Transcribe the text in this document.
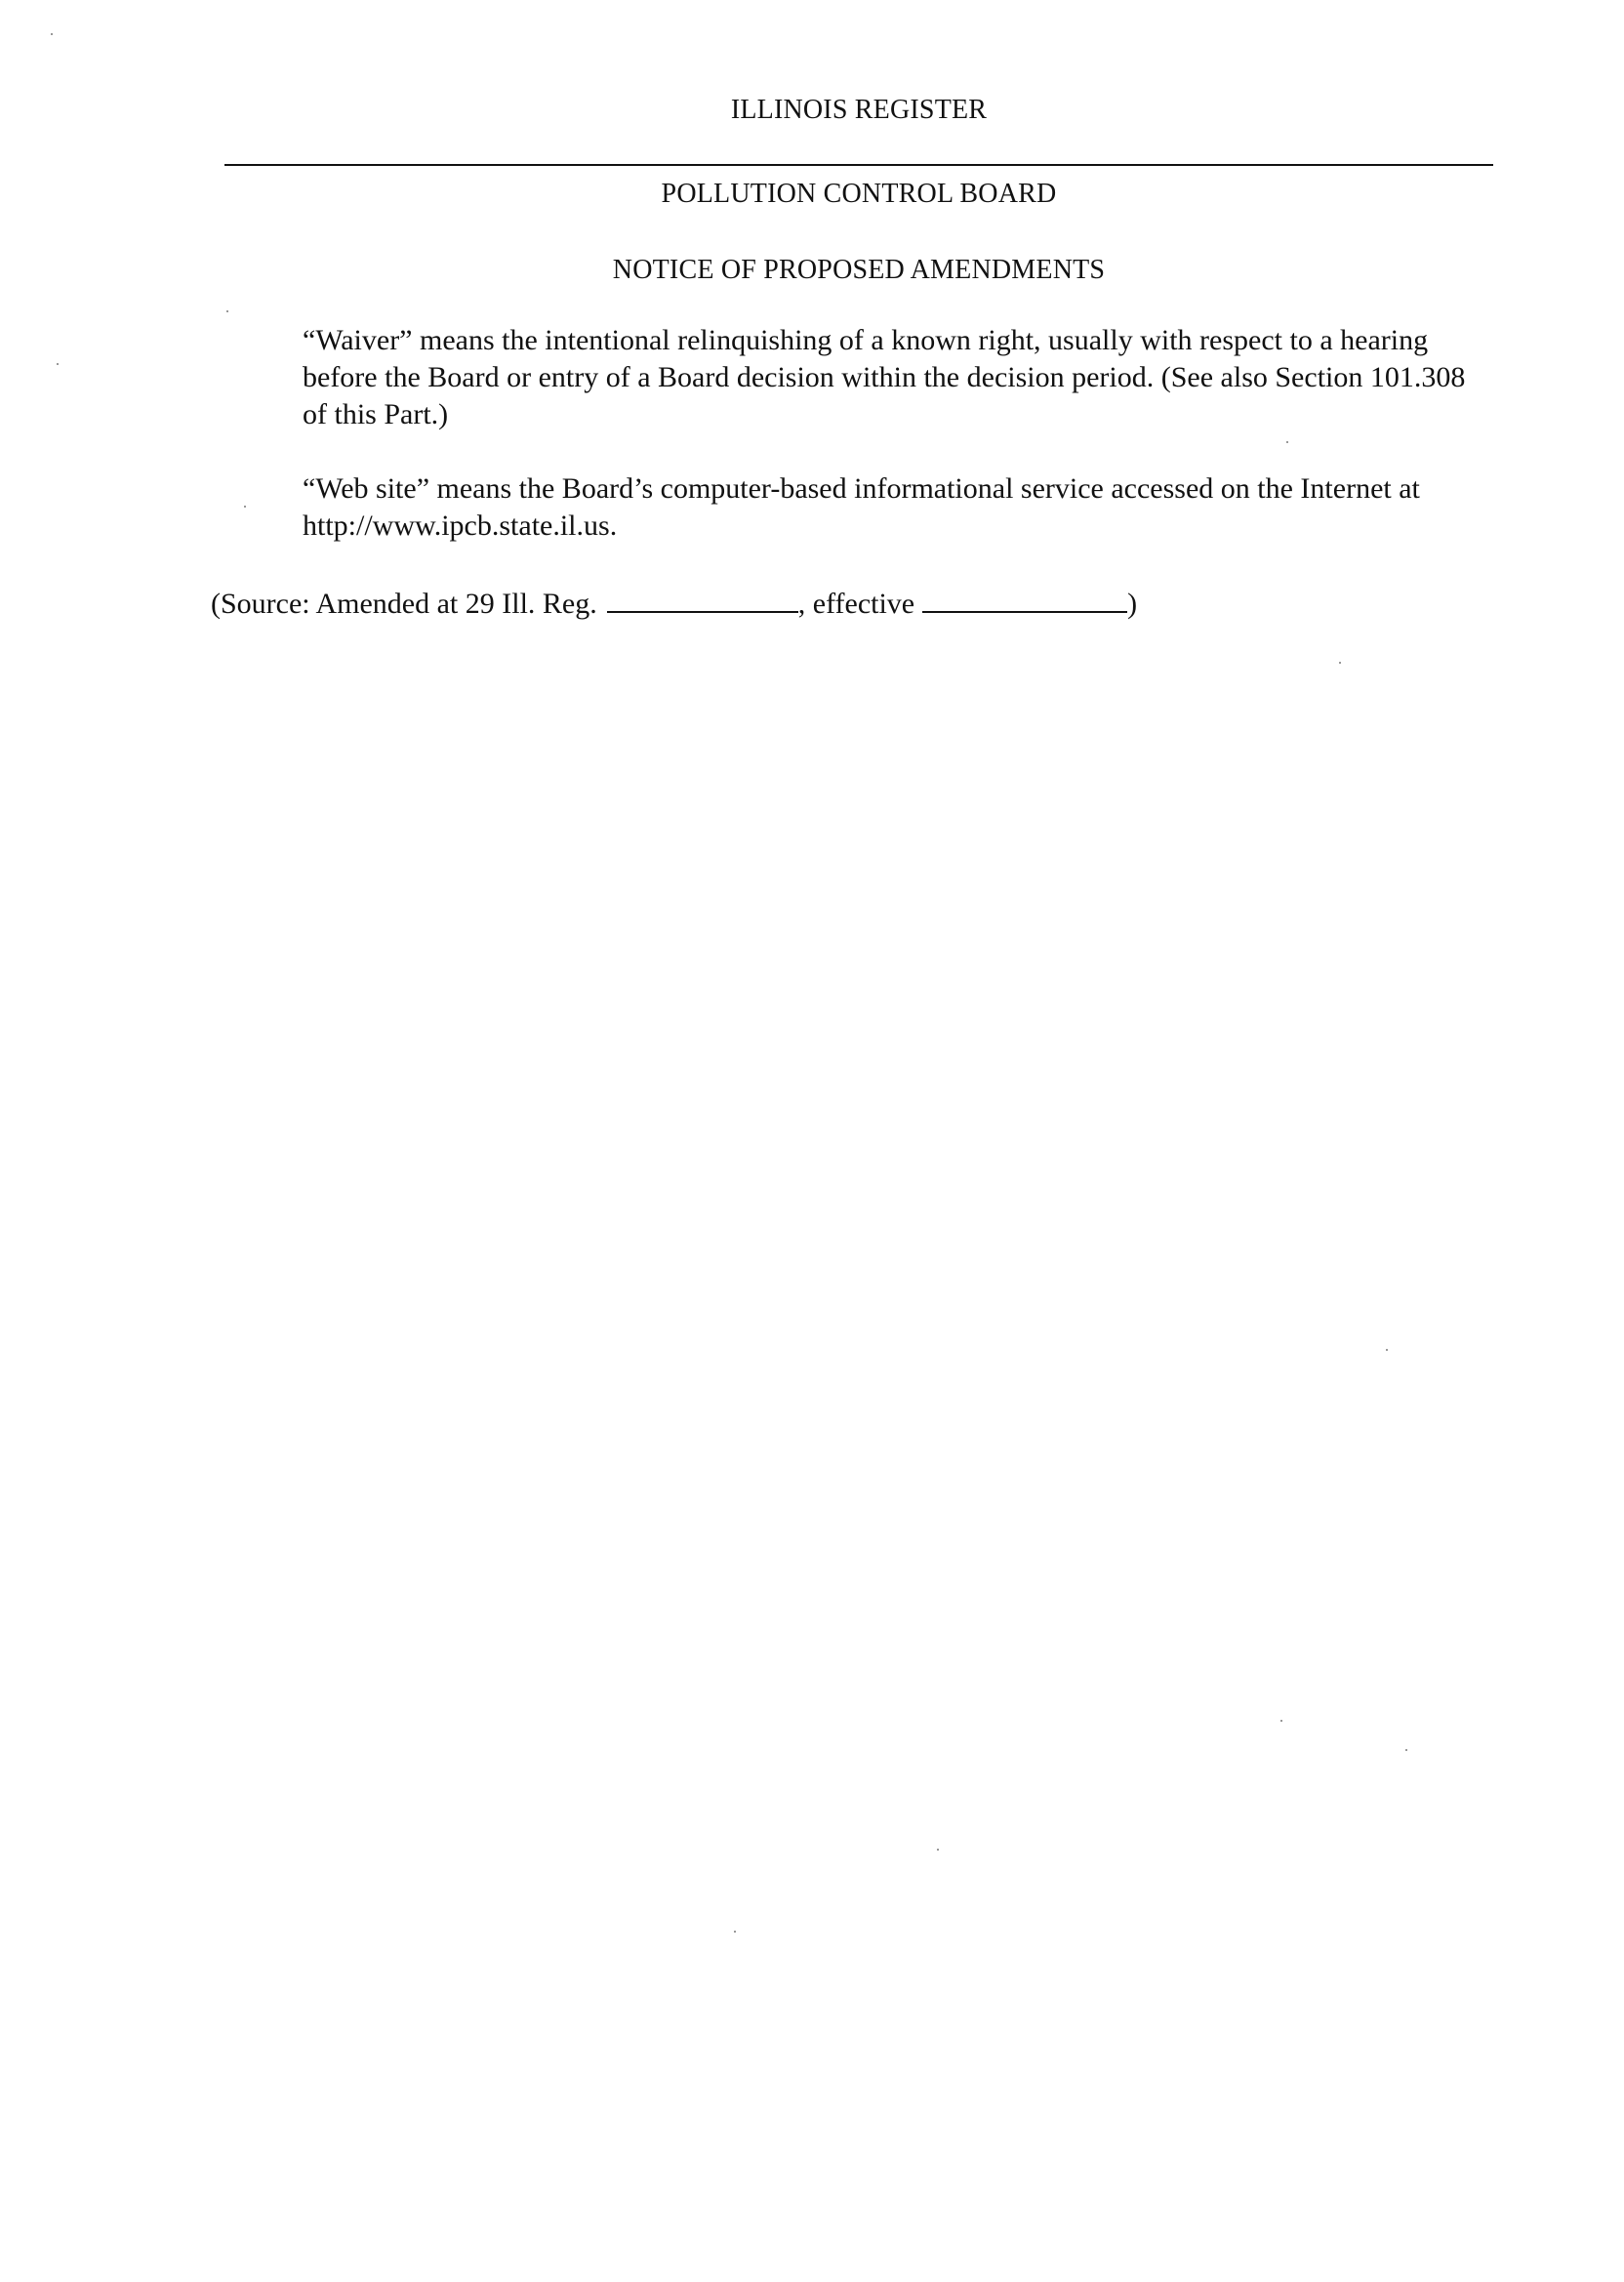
ILLINOIS REGISTER
POLLUTION CONTROL BOARD
NOTICE OF PROPOSED AMENDMENTS

“Waiver” means the intentional relinquishing of a known right, usually with respect to a hearing before the Board or entry of a Board decision within the decision period. (See also Section 101.308 of this Part.)

“Web site” means the Board’s computer-based informational service accessed on the Internet at http://www.ipcb.state.il.us.

(Source: Amended at 29 Ill. Reg.	, effective	)
